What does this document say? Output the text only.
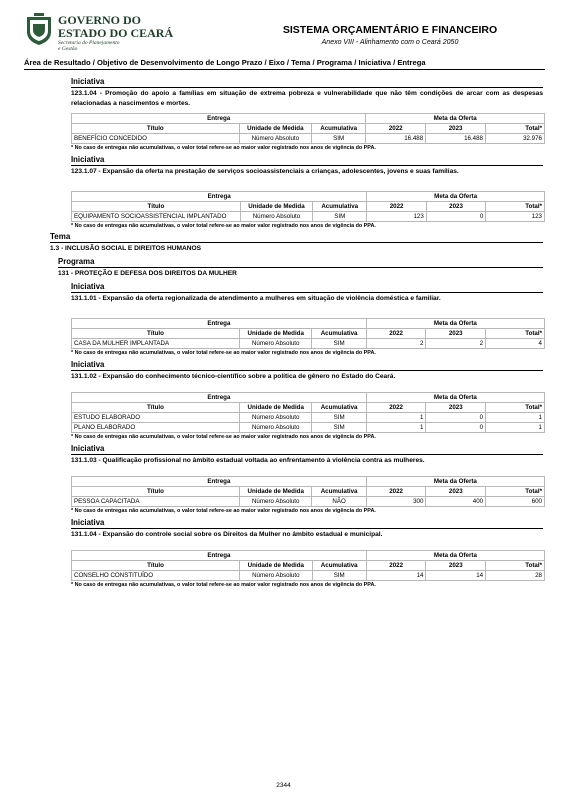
GOVERNO DO
ESTADO DO CEARÁ
Secretaria do Planejamento
e Gestão
SISTEMA ORÇAMENTÁRIO E FINANCEIRO
Anexo VIII - Alinhamento com o Ceará 2050
Área de Resultado / Objetivo de Desenvolvimento de Longo Prazo / Eixo / Tema / Programa / Iniciativa / Entrega
Iniciativa
123.1.04 - Promoção do apoio a famílias em situação de extrema pobreza e vulnerabilidade que não têm condições de arcar com as despesas relacionadas a nascimentos e mortes.
Entrega			Meta da Oferta		
Título	Unidade de Medida	Acumulativa	2022	2023	Total*
BENEFÍCIO CONCEDIDO	Número Absoluto	SIM	16.488	16.488	32.976
* No caso de entregas não acumulativas, o valor total refere-se ao maior valor registrado nos anos de vigência do PPA.
Iniciativa
123.1.07 - Expansão da oferta na prestação de serviços socioassistenciais a crianças, adolescentes, jovens e suas famílias.
Entrega			Meta da Oferta		
Título	Unidade de Medida	Acumulativa	2022	2023	Total*
EQUIPAMENTO SOCIOASSISTENCIAL IMPLANTADO	Número Absoluto	SIM	123	0	123
* No caso de entregas não acumulativas, o valor total refere-se ao maior valor registrado nos anos de vigência do PPA.
Tema
1.3 - INCLUSÃO SOCIAL E DIREITOS HUMANOS
Programa
131 - PROTEÇÃO E DEFESA DOS DIREITOS DA MULHER
Iniciativa
131.1.01 - Expansão da oferta regionalizada de atendimento a mulheres em situação de violência doméstica e familiar.
Entrega			Meta da Oferta		
Título	Unidade de Medida	Acumulativa	2022	2023	Total*
CASA DA MULHER IMPLANTADA	Número Absoluto	SIM	2	2	4
* No caso de entregas não acumulativas, o valor total refere-se ao maior valor registrado nos anos de vigência do PPA.
Iniciativa
131.1.02 - Expansão do conhecimento técnico-científico sobre a política de gênero no Estado do Ceará.
Entrega			Meta da Oferta		
Título	Unidade de Medida	Acumulativa	2022	2023	Total*
ESTUDO ELABORADO	Número Absoluto	SIM	1	0	1
PLANO ELABORADO	Número Absoluto	SIM	1	0	1
* No caso de entregas não acumulativas, o valor total refere-se ao maior valor registrado nos anos de vigência do PPA.
Iniciativa
131.1.03 - Qualificação profissional no âmbito estadual voltada ao enfrentamento à violência contra as mulheres.
Entrega			Meta da Oferta		
Título	Unidade de Medida	Acumulativa	2022	2023	Total*
PESSOA CAPACITADA	Número Absoluto	NÃO	300	400	600
* No caso de entregas não acumulativas, o valor total refere-se ao maior valor registrado nos anos de vigência do PPA.
Iniciativa
131.1.04 - Expansão do controle social sobre os Direitos da Mulher no âmbito estadual e municipal.
Entrega			Meta da Oferta		
Título	Unidade de Medida	Acumulativa	2022	2023	Total*
CONSELHO CONSTITUÍDO	Número Absoluto	SIM	14	14	28
* No caso de entregas não acumulativas, o valor total refere-se ao maior valor registrado nos anos de vigência do PPA.
2344
